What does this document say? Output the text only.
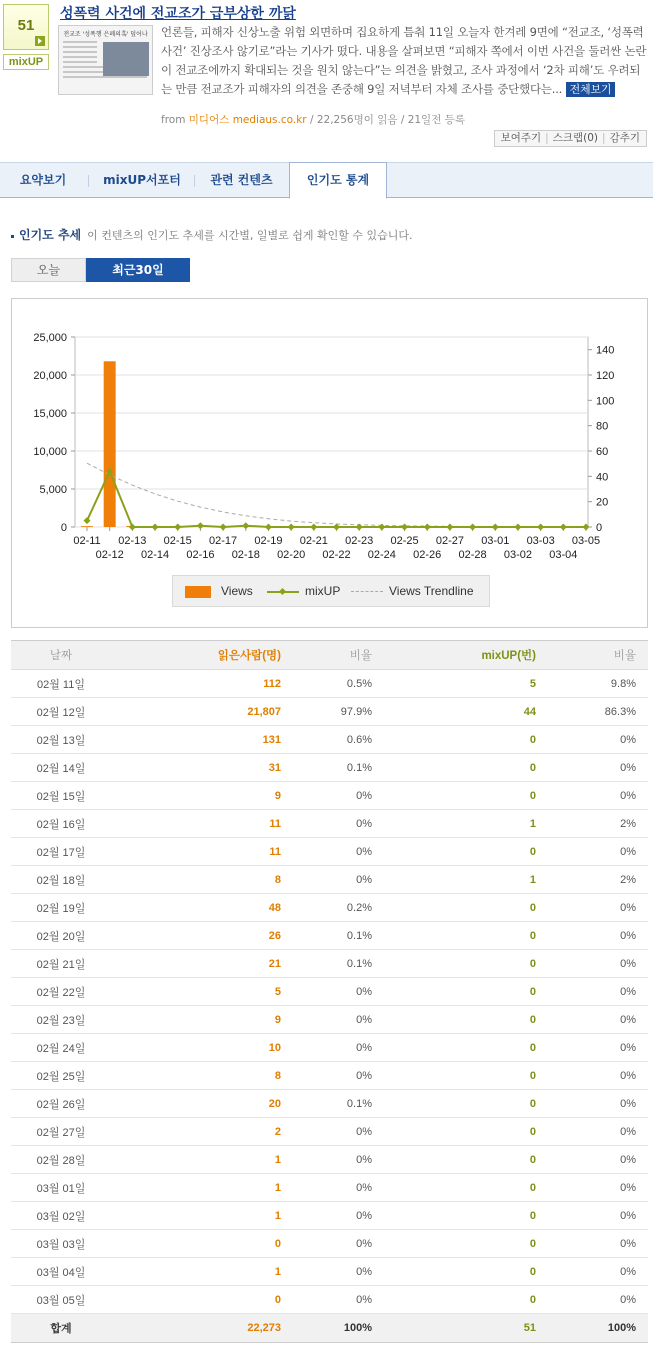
51
mixUP
전교조 '성폭행 은폐의혹' 덮어나
성폭력 사건에 전교조가 급부상한 까닭
언론들, 피해자 신상노출 위험 외면하며 집요하게 틈춰 11일 오늘자 한겨레 9면에 “전교조, ‘성폭력 사건’ 진상조사 않기로”라는 기사가 떴다. 내용을 살펴보면 “피해자 쪽에서 이번 사건을 둘러싼 논란이 전교조에까지 확대되는 것을 원치 않는다”는 의견을 밝혔고, 조사 과정에서 ‘2차 피해’도 우려되는 만큼 전교조가 피해자의 의견을 존중해 9일 저녁부터 자체 조사를 중단했다는... 전체보기
from 미디어스 mediaus.co.kr / 22,256명이 읽음 / 21일전 등록
보여주기 | 스크랩(0) | 감추기
요약보기	mixUP서포터	관련 컨텐츠	인기도 통계
인기도 추세 이 컨텐츠의 인기도 추세를 시간별, 일별로 쉽게 확인할 수 있습니다.
오늘	최근30일
0
5,000
10,000
15,000
20,000
25,000
0
20
40
60
80
100
120
140
02-11
02-12
02-13
02-14
02-15
02-16
02-17
02-18
02-19
02-20
02-21
02-22
02-23
02-24
02-25
02-26
02-27
02-28
03-01
03-02
03-03
03-04
03-05
Views	mixUP	Views Trendline
날짜	읽은사람(명)	비율	mixUP(번)	비율
02월 11일	112	0.5%	5	9.8%
02월 12일	21,807	97.9%	44	86.3%
02월 13일	131	0.6%	0	0%
02월 14일	31	0.1%	0	0%
02월 15일	9	0%	0	0%
02월 16일	11	0%	1	2%
02월 17일	11	0%	0	0%
02월 18일	8	0%	1	2%
02월 19일	48	0.2%	0	0%
02월 20일	26	0.1%	0	0%
02월 21일	21	0.1%	0	0%
02월 22일	5	0%	0	0%
02월 23일	9	0%	0	0%
02월 24일	10	0%	0	0%
02월 25일	8	0%	0	0%
02월 26일	20	0.1%	0	0%
02월 27일	2	0%	0	0%
02월 28일	1	0%	0	0%
03월 01일	1	0%	0	0%
03월 02일	1	0%	0	0%
03월 03일	0	0%	0	0%
03월 04일	1	0%	0	0%
03월 05일	0	0%	0	0%
합계	22,273	100%	51	100%
